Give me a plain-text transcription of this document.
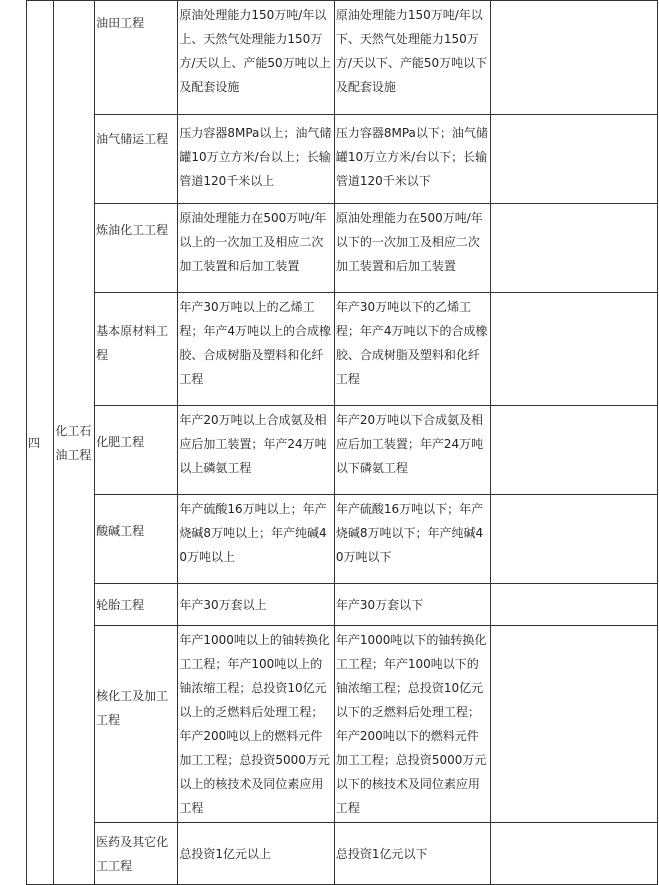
四	化工石油工程	油田工程	原油处理能力150万吨/年以上、天然气处理能力150万方/天以上、产能50万吨以上及配套设施	原油处理能力150万吨/年以下、天然气处理能力150万方/天以下、产能50万吨以下及配套设施	
		油气储运工程	压力容器8MPa以上；油气储罐10万立方米/台以上；长输管道120千米以上	压力容器8MPa以下；油气储罐10万立方米/台以下；长输管道120千米以下	
		炼油化工工程	原油处理能力在500万吨/年以上的一次加工及相应二次加工装置和后加工装置	原油处理能力在500万吨/年以下的一次加工及相应二次加工装置和后加工装置	
		基本原材料工程	年产30万吨以上的乙烯工程；年产4万吨以上的合成橡胶、合成树脂及塑料和化纤工程	年产30万吨以下的乙烯工程；年产4万吨以下的合成橡胶、合成树脂及塑料和化纤工程	
		化肥工程	年产20万吨以上合成氨及相应后加工装置；年产24万吨以上磷氨工程	年产20万吨以下合成氨及相应后加工装置；年产24万吨以下磷氨工程	
		酸碱工程	年产硫酸16万吨以上；年产烧碱8万吨以上；年产纯碱40万吨以上	年产硫酸16万吨以下；年产烧碱8万吨以下；年产纯碱40万吨以下	
		轮胎工程	年产30万套以上	年产30万套以下	
		核化工及加工工程	年产1000吨以上的铀转换化工工程；年产100吨以上的铀浓缩工程；总投资10亿元以上的乏燃料后处理工程；年产200吨以上的燃料元件加工工程；总投资5000万元以上的核技术及同位素应用工程	年产1000吨以下的铀转换化工工程；年产100吨以下的铀浓缩工程；总投资10亿元以下的乏燃料后处理工程；年产200吨以下的燃料元件加工工程；总投资5000万元以下的核技术及同位素应用工程	
		医药及其它化工工程	总投资1亿元以上	总投资1亿元以下	
